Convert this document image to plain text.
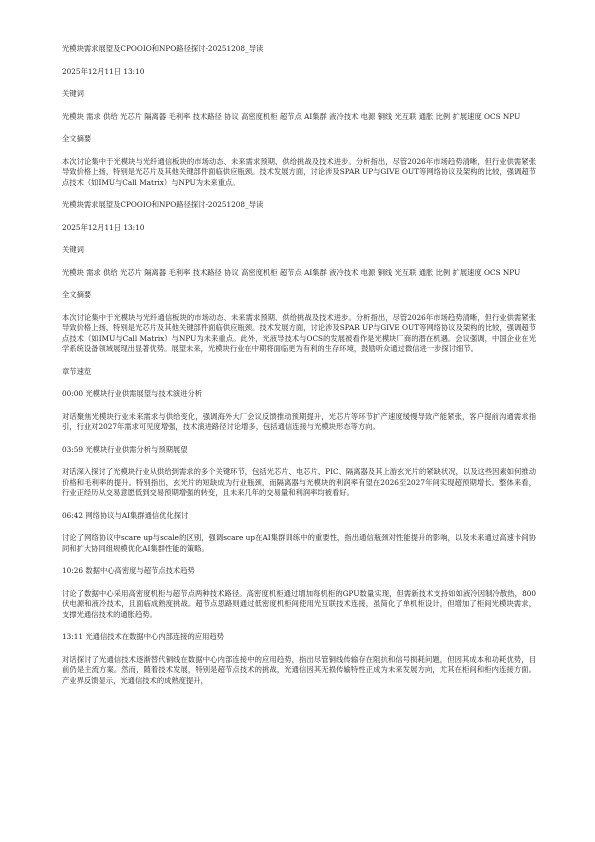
光模块需求展望及CPOOIO和NPO路径探讨-20251208_导读
2025年12月11日 13:10
关键词
光模块 需求 供给 光芯片 隔离器 毛利率 技术路径 协议 高密度机柜 超节点 AI集群 液冷技术 电源 铜线 光互联 通胀 比例 扩展速度 OCS NPU
全文摘要
本次讨论集中于光模块与光纤通信板块的市场动态、未来需求预期、供给挑战及技术进步。分析指出，尽管2026年市场趋势清晰，但行业供需紧张导致价格上扬，特别是光芯片及其他关键部件面临供应瓶颈。技术发展方面，讨论涉及SPAR UP与GIVE OUT等网络协议及架构的比较，强调超节点技术（如IMU与Call Matrix）与NPU为未来重点。
光模块需求展望及CPOOIO和NPO路径探讨-20251208_导读
2025年12月11日 13:10
关键词
光模块 需求 供给 光芯片 隔离器 毛利率 技术路径 协议 高密度机柜 超节点 AI集群 液冷技术 电源 铜线 光互联 通胀 比例 扩展速度 OCS NPU
全文摘要
本次讨论集中于光模块与光纤通信板块的市场动态、未来需求预期、供给挑战及技术进步。分析指出，尽管2026年市场趋势清晰，但行业供需紧张导致价格上扬，特别是光芯片及其他关键部件面临供应瓶颈。技术发展方面，讨论涉及SPAR UP与GIVE OUT等网络协议及架构的比较，强调超节点技术（如IMU与Call Matrix）与NPU为未来重点。此外，光液导技术与OCS的发展被看作是光模块厂商的潜在机遇。会议强调，中国企业在光学系统设备领域展现出显著优势。展望未来，光模块行业在中期将面临更为有利的生存环境，鼓励听众通过微信进一步探讨细节。
章节速览
00:00 光模块行业供需展望与技术演进分析
对话聚焦光模块行业未来需求与供给变化，强调海外大厂会议反馈推动预期提升，光芯片等环节扩产速度缓慢导致产能紧张，客户提前沟通需求指引，行业对2027年需求可见度增强，技术演进路径讨论增多，包括通信连接与光模块形态等方向。
03:59 光模块行业供需分析与预期展望
对话深入探讨了光模块行业从供给到需求的多个关键环节，包括光芯片、电芯片、PIC、隔离器及其上游玄光片的紧缺状况，以及这些因素如何推动价格和毛利率的提升。特别指出，玄光片的短缺成为行业瓶颈，而隔离器与光模块的利润率有望在2026至2027年间实现超预期增长。整体来看，行业正经历从交易意愿低到交易预期增强的转变，且未来几年的交易量和利润率均被看好。
06:42 网络协议与AI集群通信优化探讨
讨论了网络协议中scare up与scale的区别，强调scare up在AI集群训练中的重要性，指出通信瓶颈对性能提升的影响，以及未来通过高速卡间协同和扩大协同组规模优化AI集群性能的策略。
10:26 数据中心高密度与超节点技术趋势
讨论了数据中心采用高密度机柜与超节点两种技术路径。高密度机柜通过增加每机柜的GPU数量实现，但需新技术支持如如液冷因制冷散热，800伏电源和液冷技术，且面临成熟度挑战。超节点思路则通过低密度机柜间使用光互联技术连接，虽简化了单机柜设计，但增加了柜间光模块需求，支撑光通信技术的通胀趋势。
13:11 光通信技术在数据中心内部连接的应用趋势
对话探讨了光通信技术逐渐替代铜线在数据中心内部连接中的应用趋势，指出尽管铜线传输存在阻抗和信号损耗问题，但因其成本和功耗优势，目前仍是主流方案。然而，随着技术发展，特别是超节点技术的挑战，光通信因其无损传输特性正成为未来发展方向，尤其在柜间和柜内连接方面。产业界反馈显示，光通信技术的成熟度提升，
